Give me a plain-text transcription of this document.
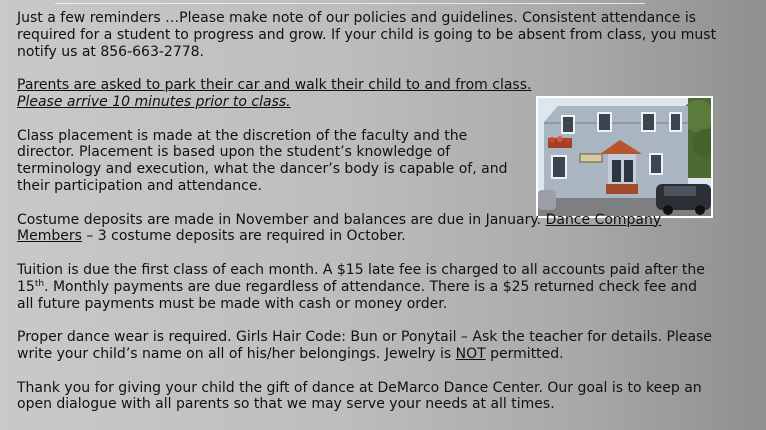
Just a few reminders …Please make note of our policies and guidelines. Consistent attendance is required for a student to progress and grow. If your child is going to be absent from class, you must notify us at 856-663-2778.

Parents are asked to park their car and walk their child to and from class.
Please arrive 10 minutes prior to class.

Class placement is made at the discretion of the faculty and the director. Placement is based upon the student’s knowledge of terminology and execution, what the dancer’s body is capable of, and their participation and attendance.

Costume deposits are made in November and balances are due in January. Dance Company Members – 3 costume deposits are required in October.

Tuition is due the first class of each month. A $15 late fee is charged to all accounts paid after the 15th. Monthly payments are due regardless of attendance. There is a $25 returned check fee and all future payments must be made with cash or money order.

Proper dance wear is required. Girls Hair Code: Bun or Ponytail – Ask the teacher for details. Please write your child’s name on all of his/her belongings. Jewelry is NOT permitted.

Thank you for giving your child the gift of dance at DeMarco Dance Center. Our goal is to keep an open dialogue with all parents so that we may serve your needs at all times.
